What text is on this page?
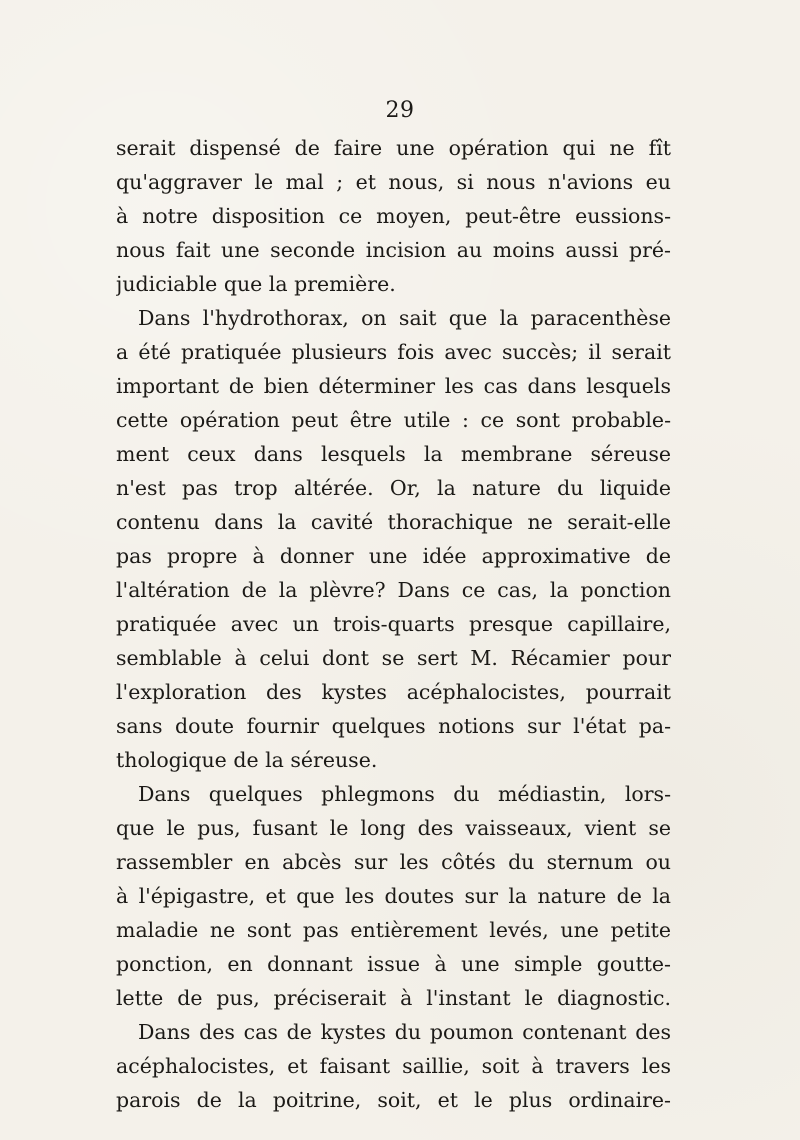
29
serait dispensé de faire une opération qui ne fît
qu'aggraver le mal ; et nous, si nous n'avions eu
à notre disposition ce moyen, peut-être eussions-
nous fait une seconde incision au moins aussi pré-
judiciable que la première.
Dans l'hydrothorax, on sait que la paracenthèse
a été pratiquée plusieurs fois avec succès; il serait
important de bien déterminer les cas dans lesquels
cette opération peut être utile : ce sont probable-
ment ceux dans lesquels la membrane séreuse
n'est pas trop altérée. Or, la nature du liquide
contenu dans la cavité thorachique ne serait-elle
pas propre à donner une idée approximative de
l'altération de la plèvre? Dans ce cas, la ponction
pratiquée avec un trois-quarts presque capillaire,
semblable à celui dont se sert M. Récamier pour
l'exploration des kystes acéphalocistes, pourrait
sans doute fournir quelques notions sur l'état pa-
thologique de la séreuse.
Dans quelques phlegmons du médiastin, lors-
que le pus, fusant le long des vaisseaux, vient se
rassembler en abcès sur les côtés du sternum ou
à l'épigastre, et que les doutes sur la nature de la
maladie ne sont pas entièrement levés, une petite
ponction, en donnant issue à une simple goutte-
lette de pus, préciserait à l'instant le diagnostic.
Dans des cas de kystes du poumon contenant des
acéphalocistes, et faisant saillie, soit à travers les
parois de la poitrine, soit, et le plus ordinaire-
